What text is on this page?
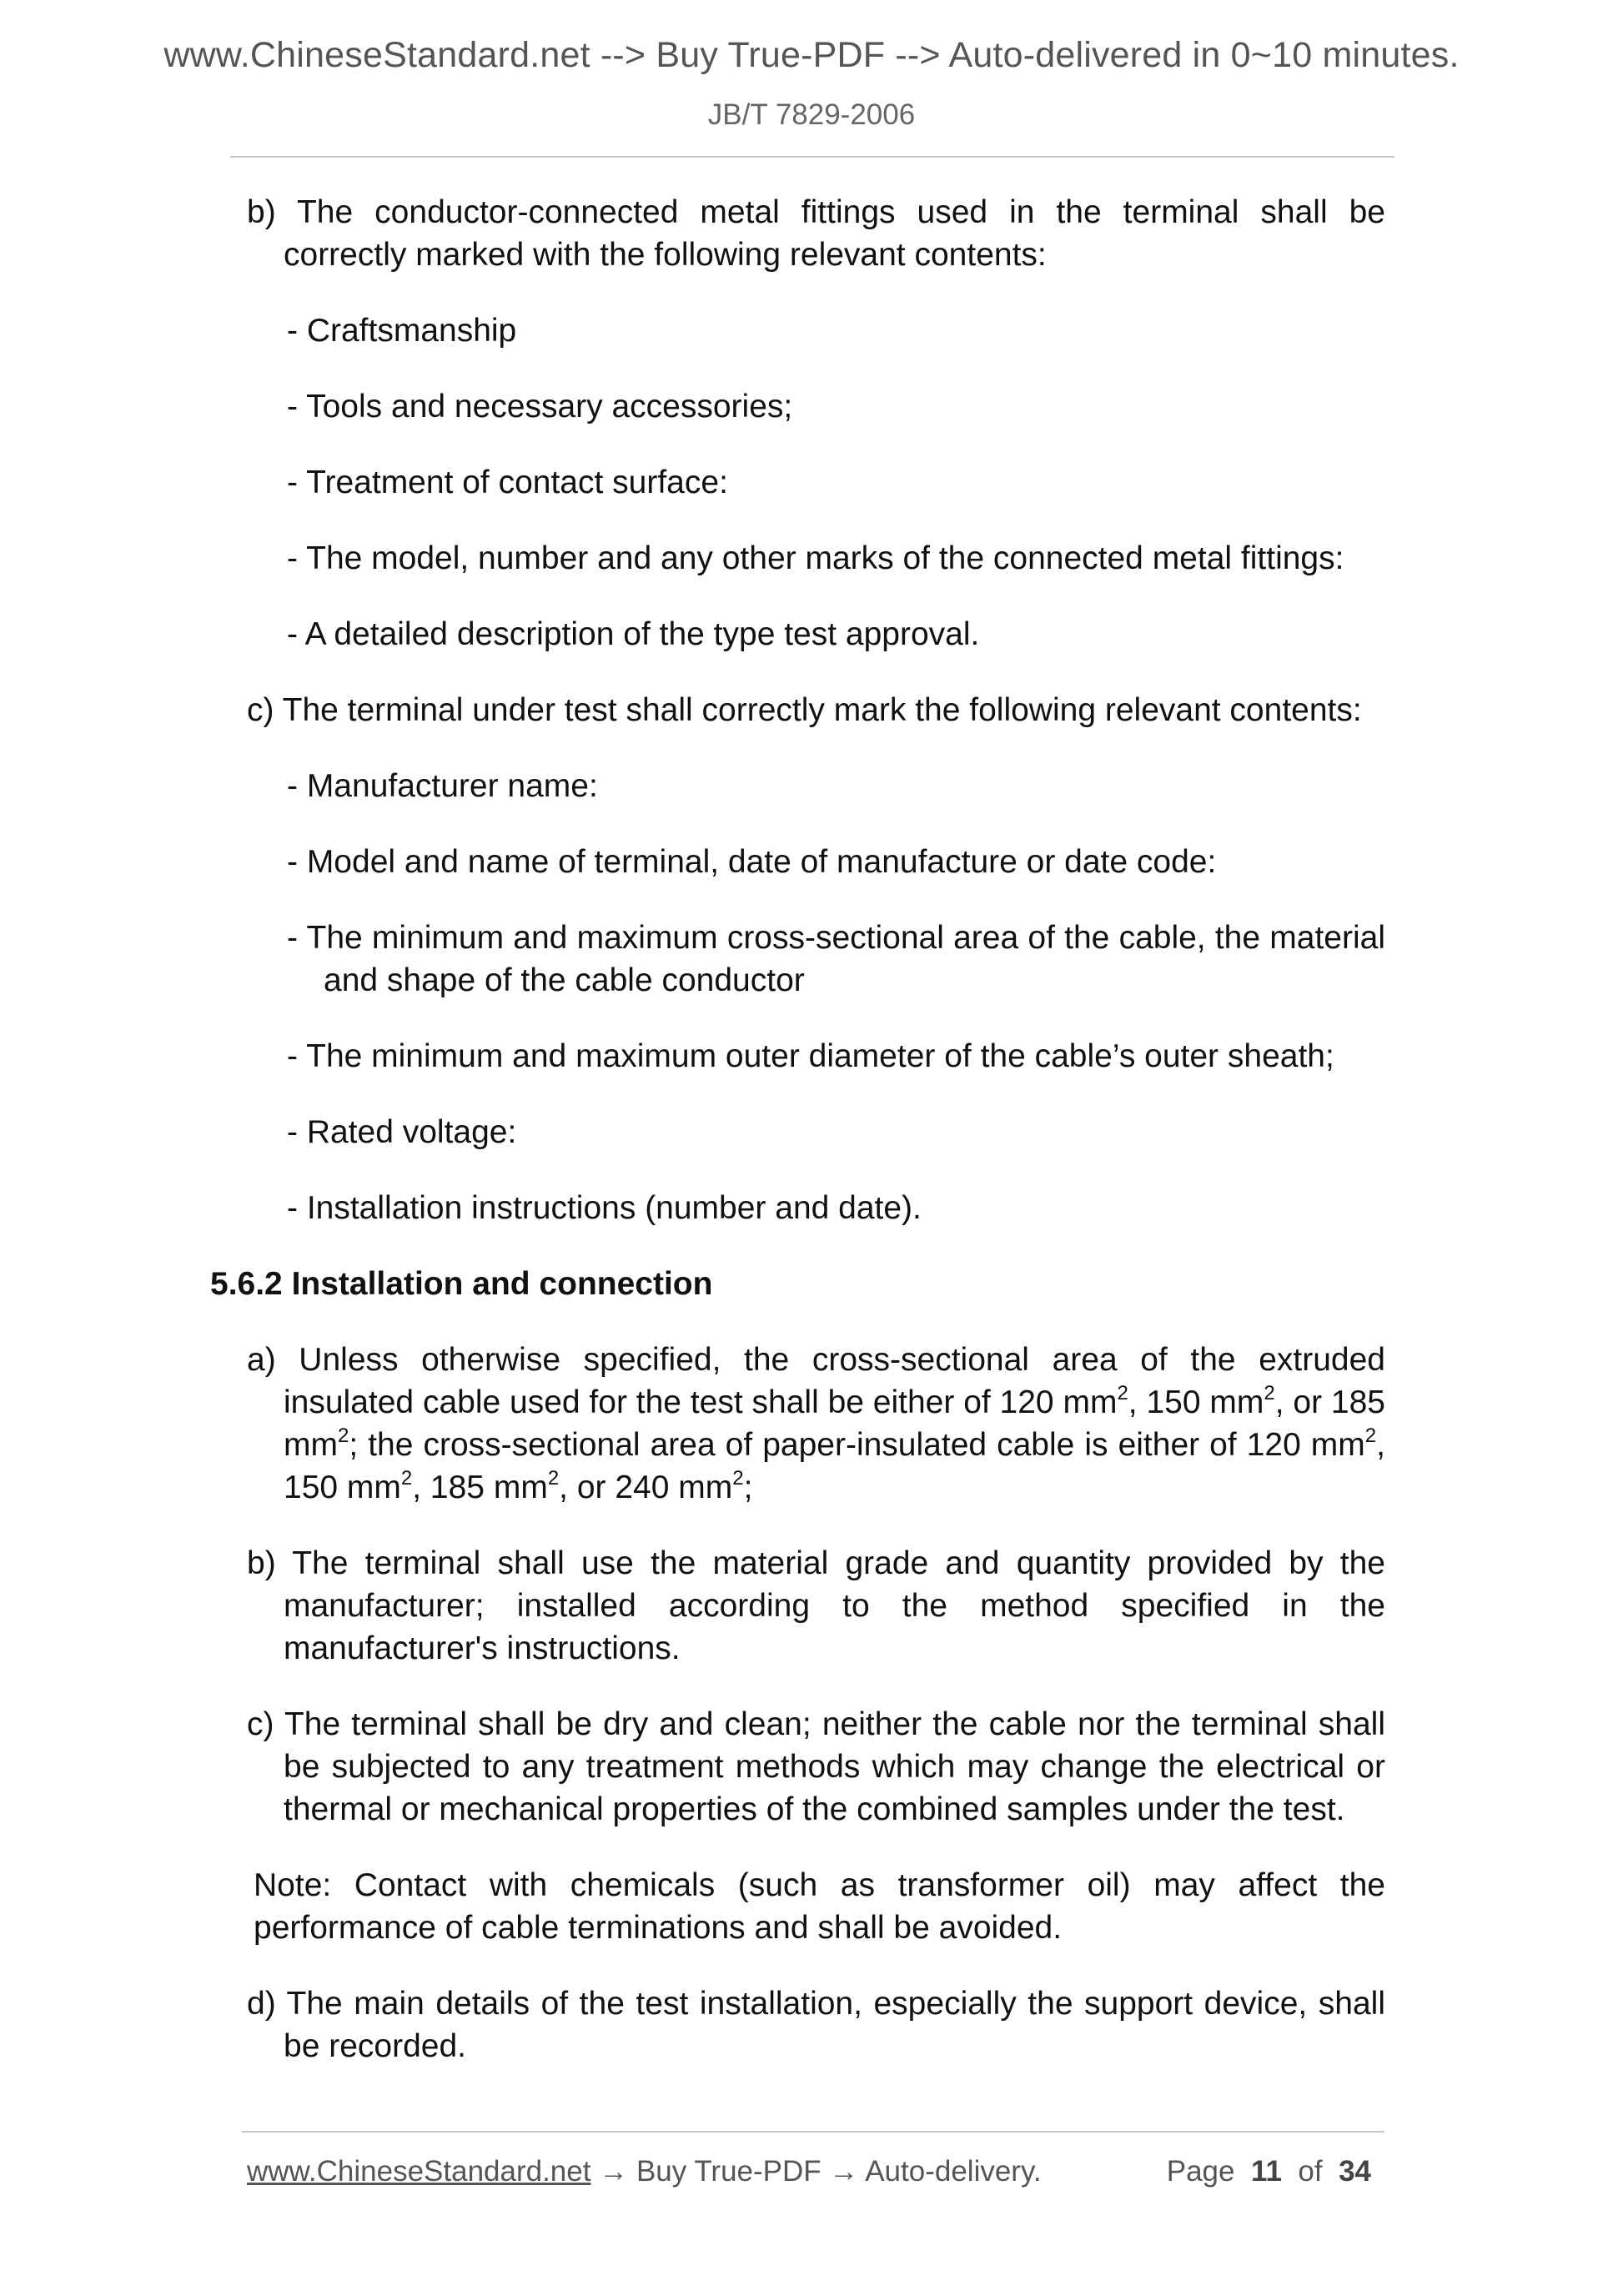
www.ChineseStandard.net --> Buy True-PDF --> Auto-delivered in 0~10 minutes.
JB/T 7829-2006

b) The conductor-connected metal fittings used in the terminal shall be correctly marked with the following relevant contents:

- Craftsmanship

- Tools and necessary accessories;

- Treatment of contact surface:

- The model, number and any other marks of the connected metal fittings:

- A detailed description of the type test approval.

c) The terminal under test shall correctly mark the following relevant contents:

- Manufacturer name:

- Model and name of terminal, date of manufacture or date code:

- The minimum and maximum cross-sectional area of the cable, the material and shape of the cable conductor

- The minimum and maximum outer diameter of the cable’s outer sheath;

- Rated voltage:

- Installation instructions (number and date).

5.6.2 Installation and connection

a) Unless otherwise specified, the cross-sectional area of the extruded insulated cable used for the test shall be either of 120 $mm^2$, 150 $mm^2$, or 185 $mm^2$; the cross-sectional area of paper-insulated cable is either of 120 $mm^2$, 150 $mm^2$, 185 $mm^2$, or 240 $mm^2$;

b) The terminal shall use the material grade and quantity provided by the manufacturer; installed according to the method specified in the manufacturer's instructions.

c) The terminal shall be dry and clean; neither the cable nor the terminal shall be subjected to any treatment methods which may change the electrical or thermal or mechanical properties of the combined samples under the test.

Note: Contact with chemicals (such as transformer oil) may affect the performance of cable terminations and shall be avoided.

d) The main details of the test installation, especially the support device, shall be recorded.

www.ChineseStandard.net → Buy True-PDF → Auto-delivery.	Page 11 of 34
